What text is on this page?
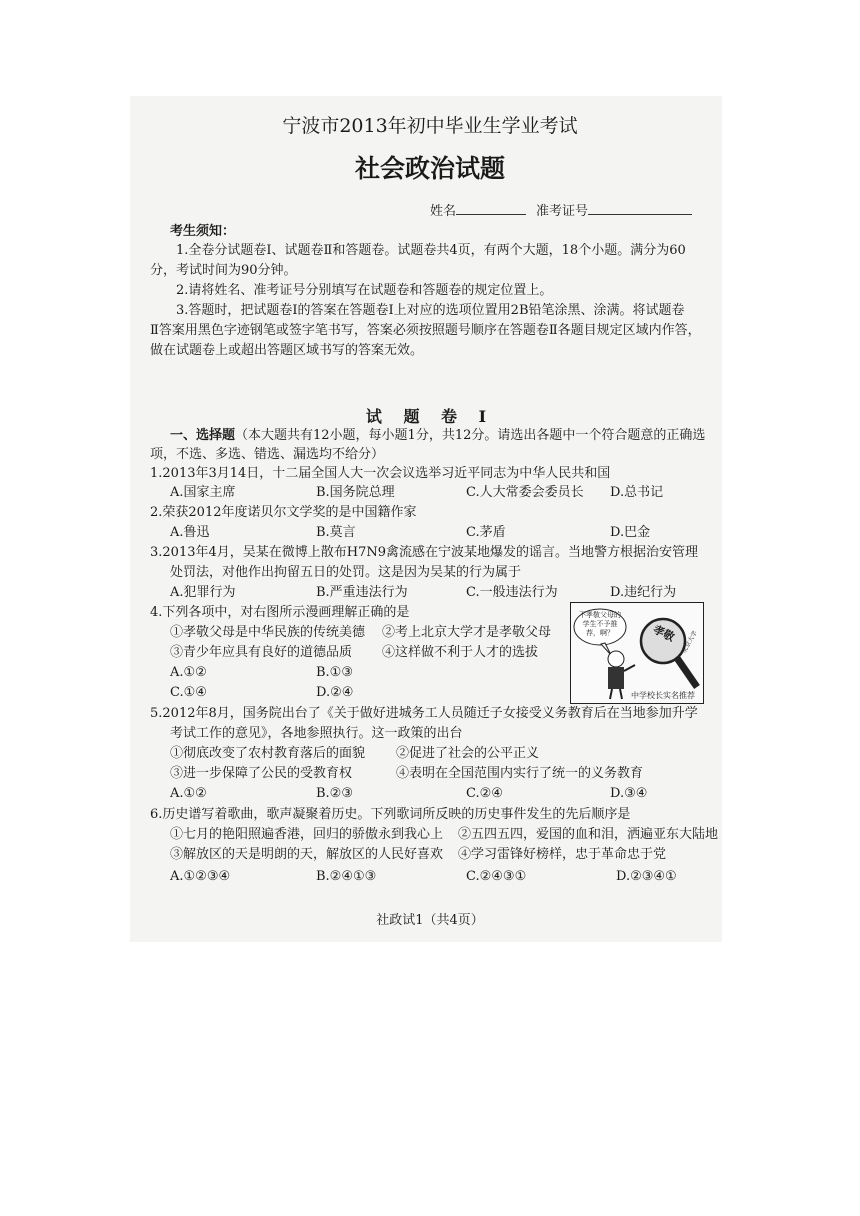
宁波市2013年初中毕业生学业考试
社会政治试题
姓名	准考证号
考生须知：
1.全卷分试题卷Ⅰ、试题卷Ⅱ和答题卷。试题卷共4页，有两个大题，18个小题。满分为60
分，考试时间为90分钟。
2.请将姓名、准考证号分别填写在试题卷和答题卷的规定位置上。
3.答题时，把试题卷Ⅰ的答案在答题卷Ⅰ上对应的选项位置用2B铅笔涂黑、涂满。将试题卷
Ⅱ答案用黑色字迹钢笔或签字笔书写，答案必须按照题号顺序在答题卷Ⅱ各题目规定区域内作答，
做在试题卷上或超出答题区域书写的答案无效。
试 题 卷 Ⅰ
一、选择题（本大题共有12小题，每小题1分，共12分。请选出各题中一个符合题意的正确选
项，不选、多选、错选、漏选均不给分）
1.2013年3月14日，十二届全国人大一次会议选举习近平同志为中华人民共和国
A.国家主席	B.国务院总理	C.人大常委会委员长 D.总书记
2.荣获2012年度诺贝尔文学奖的是中国籍作家
A.鲁迅	B.莫言	C.茅盾	D.巴金
3.2013年4月，吴某在微博上散布H7N9禽流感在宁波某地爆发的谣言。当地警方根据治安管理
处罚法，对他作出拘留五日的处罚。这是因为吴某的行为属于
A.犯罪行为	B.严重违法行为	C.一般违法行为	D.违纪行为
4.下列各项中，对右图所示漫画理解正确的是
①孝敬父母是中华民族的传统美德 ②考上北京大学才是孝敬父母
③青少年应具有良好的道德品质 ④这样做不利于人才的选拔
A.①②	B.①③
C.①④	D.②④
不孝敬父母的学生不予推荐，啊？	孝敬 北京大学
中学校长实名推荐
5.2012年8月，国务院出台了《关于做好进城务工人员随迁子女接受义务教育后在当地参加升学
考试工作的意见》，各地参照执行。这一政策的出台
①彻底改变了农村教育落后的面貌 ②促进了社会的公平正义
③进一步保障了公民的受教育权	④表明在全国范围内实行了统一的义务教育
A.①②	B.②③	C.②④	D.③④
6.历史谱写着歌曲，歌声凝聚着历史。下列歌词所反映的历史事件发生的先后顺序是
①七月的艳阳照遍香港，回归的骄傲永到我心上 ②五四五四，爱国的血和泪，洒遍亚东大陆地
③解放区的天是明朗的天，解放区的人民好喜欢 ④学习雷锋好榜样，忠于革命忠于党
A.①②③④	B.②④①③	C.②④③①	D.②③④①
社政试1（共4页）
